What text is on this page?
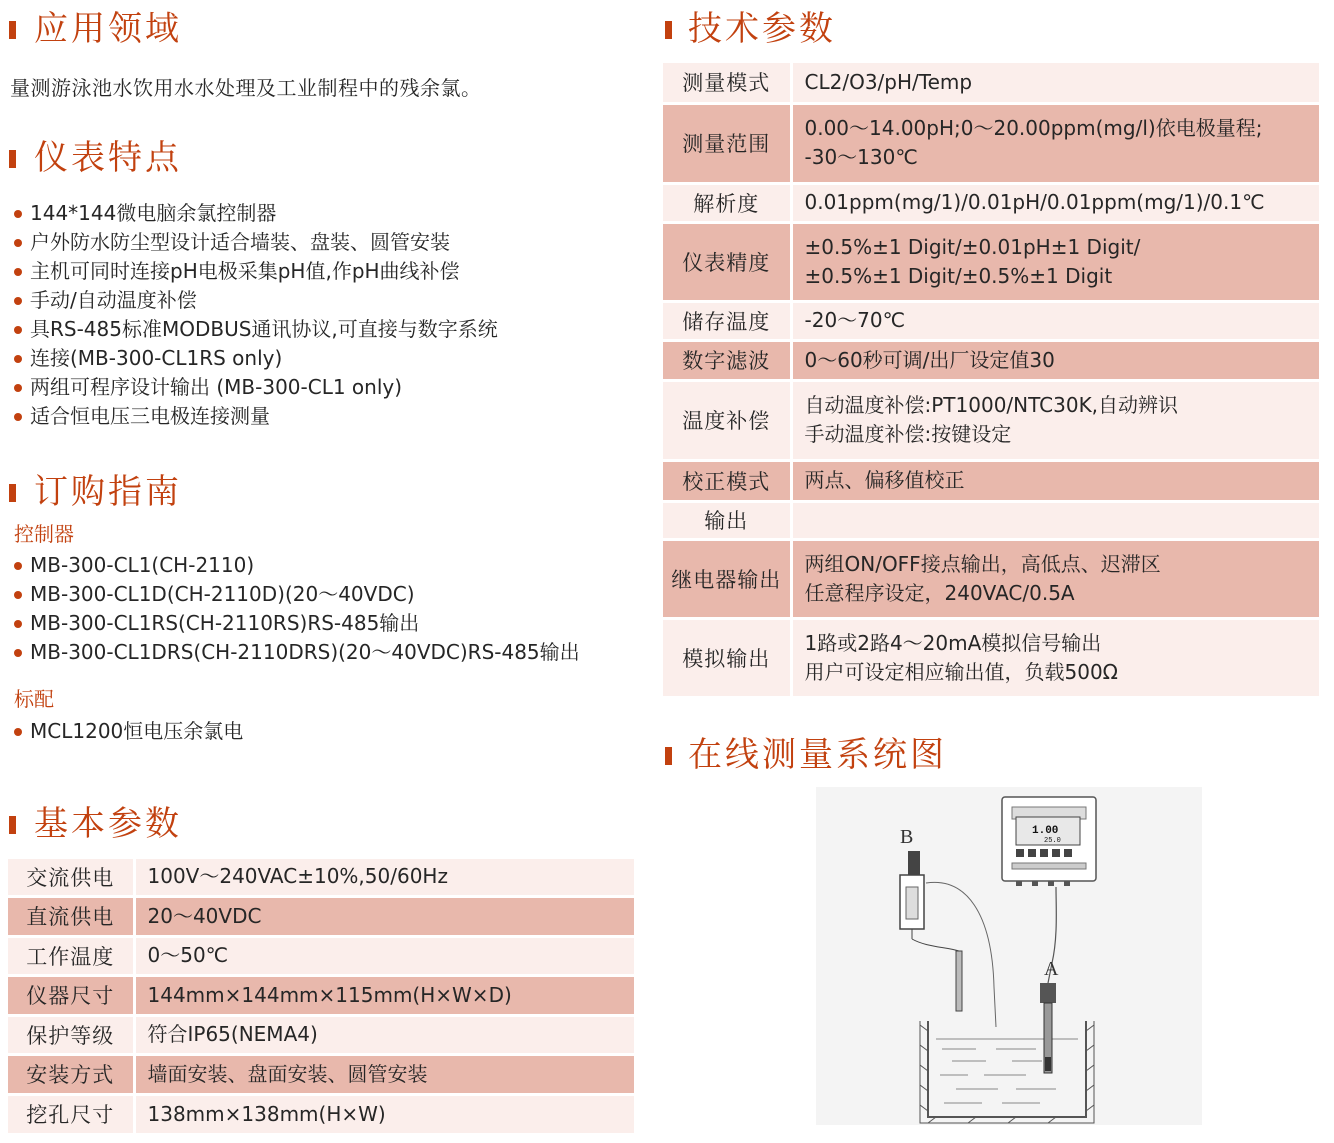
应用领域
量测游泳池水饮用水水处理及工业制程中的残余氯。
仪表特点
144*144微电脑余氯控制器
户外防水防尘型设计适合墙装、盘装、圆管安装
主机可同时连接pH电极采集pH值,作pH曲线补偿
手动/自动温度补偿
具RS-485标准MODBUS通讯协议,可直接与数字系统
连接(MB-300-CL1RS only)
两组可程序设计输出 (MB-300-CL1 only)
适合恒电压三电极连接测量
订购指南
控制器
MB-300-CL1(CH-2110)
MB-300-CL1D(CH-2110D)(20～40VDC)
MB-300-CL1RS(CH-2110RS)RS-485输出
MB-300-CL1DRS(CH-2110DRS)(20～40VDC)RS-485输出
标配
MCL1200恒电压余氯电
基本参数
交流供电	100V～240VAC±10%,50/60Hz
直流供电	20～40VDC
工作温度	0～50℃
仪器尺寸	144mm×144mm×115mm(H×W×D)
保护等级	符合IP65(NEMA4)
安装方式	墙面安装、盘面安装、圆管安装
挖孔尺寸	138mm×138mm(H×W)
技术参数
测量模式	CL2/O3/pH/Temp

测量范围	0.00～14.00pH;0～20.00ppm(mg/l)依电极量程;
-30～130℃

解析度	0.01ppm(mg/1)/0.01pH/0.01ppm(mg/1)/0.1℃

仪表精度	±0.5%±1 Digit/±0.01pH±1 Digit/
±0.5%±1 Digit/±0.5%±1 Digit

储存温度	-20～70℃

数字滤波	0～60秒可调/出厂设定值30

温度补偿	自动温度补偿:PT1000/NTC30K,自动辨识
手动温度补偿:按键设定

校正模式	两点、偏移值校正

输出	
继电器输出	两组ON/OFF接点输出，高低点、迟滞区
任意程序设定，240VAC/0.5A

模拟输出	1路或2路4～20mA模拟信号输出
用户可设定相应输出值，负载500Ω
在线测量系统图
1.00
25.0
B
A
